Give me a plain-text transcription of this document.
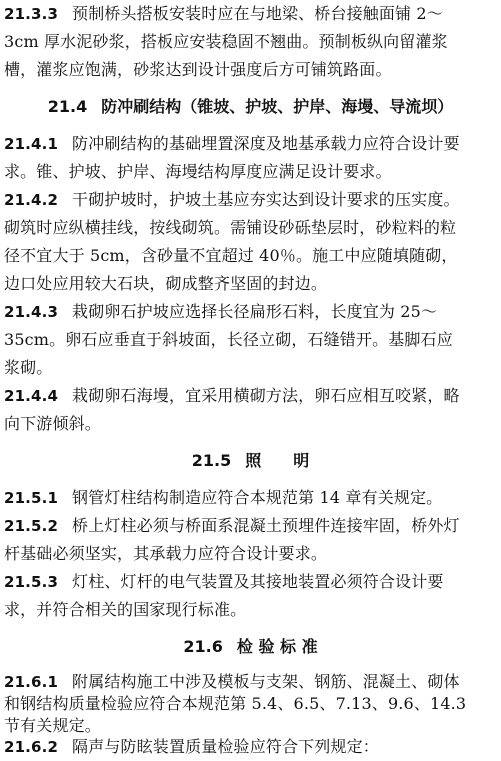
21.3.3 预制桥头搭板安装时应在与地梁、桥台接触面铺 2～
3cm 厚水泥砂浆，搭板应安装稳固不翘曲。预制板纵向留灌浆
槽，灌浆应饱满，砂浆达到设计强度后方可铺筑路面。
21.4 防冲刷结构（锥坡、护坡、护岸、海墁、导流坝）
21.4.1 防冲刷结构的基础埋置深度及地基承载力应符合设计要
求。锥、护坡、护岸、海墁结构厚度应满足设计要求。
21.4.2 干砌护坡时，护坡土基应夯实达到设计要求的压实度。
砌筑时应纵横挂线，按线砌筑。需铺设砂砾垫层时，砂粒料的粒
径不宜大于 5cm，含砂量不宜超过 40％。施工中应随填随砌，
边口处应用较大石块，砌成整齐坚固的封边。
21.4.3 栽砌卵石护坡应选择长径扁形石料，长度宜为 25～
35cm。卵石应垂直于斜坡面，长径立砌，石缝错开。基脚石应
浆砌。
21.4.4 栽砌卵石海墁，宜采用横砌方法，卵石应相互咬紧，略
向下游倾斜。
21.5 照　　明
21.5.1 钢管灯柱结构制造应符合本规范第 14 章有关规定。
21.5.2 桥上灯柱必须与桥面系混凝土预埋件连接牢固，桥外灯
杆基础必须坚实，其承载力应符合设计要求。
21.5.3 灯柱、灯杆的电气装置及其接地装置必须符合设计要
求，并符合相关的国家现行标准。
21.6 检 验 标 准
21.6.1 附属结构施工中涉及模板与支架、钢筋、混凝土、砌体
和钢结构质量检验应符合本规范第 5.4、6.5、7.13、9.6、14.3
节有关规定。
21.6.2 隔声与防眩装置质量检验应符合下列规定：
